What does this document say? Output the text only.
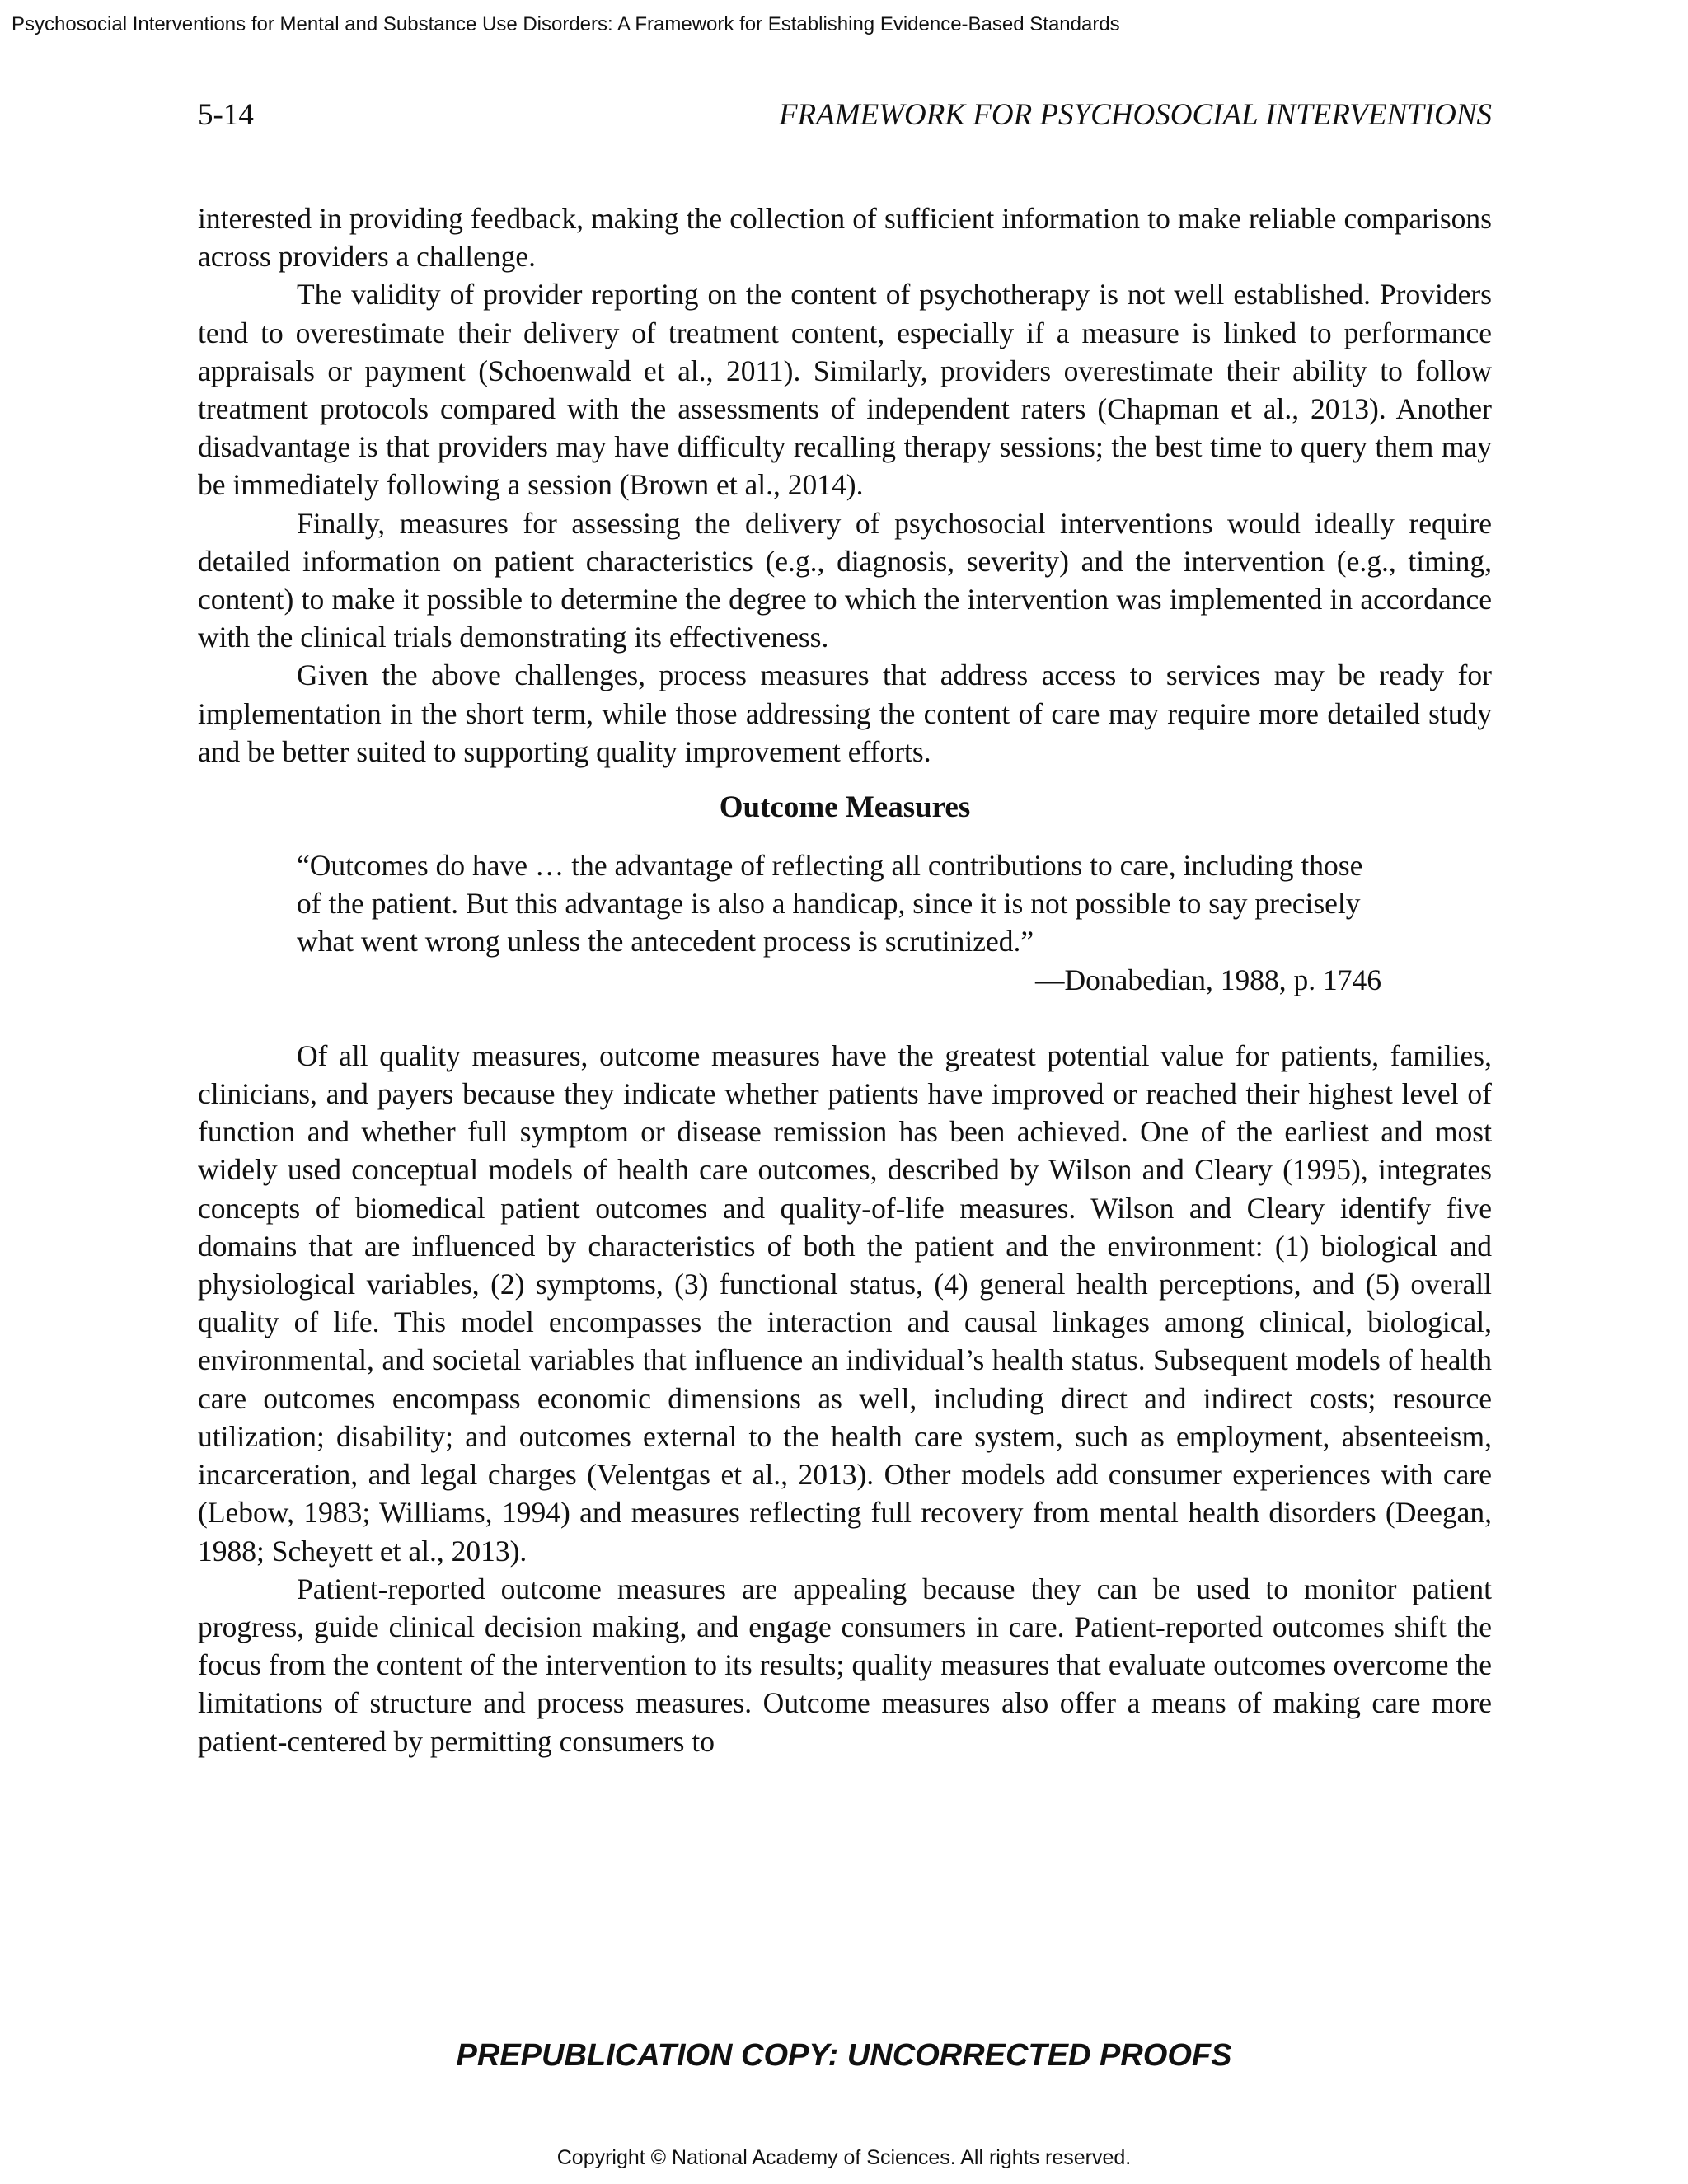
Psychosocial Interventions for Mental and Substance Use Disorders: A Framework for Establishing Evidence-Based Standards
5-14	FRAMEWORK FOR PSYCHOSOCIAL INTERVENTIONS

interested in providing feedback, making the collection of sufficient information to make reliable comparisons across providers a challenge.

The validity of provider reporting on the content of psychotherapy is not well established. Providers tend to overestimate their delivery of treatment content, especially if a measure is linked to performance appraisals or payment (Schoenwald et al., 2011). Similarly, providers overestimate their ability to follow treatment protocols compared with the assessments of independent raters (Chapman et al., 2013). Another disadvantage is that providers may have difficulty recalling therapy sessions; the best time to query them may be immediately following a session (Brown et al., 2014).

Finally, measures for assessing the delivery of psychosocial interventions would ideally require detailed information on patient characteristics (e.g., diagnosis, severity) and the intervention (e.g., timing, content) to make it possible to determine the degree to which the intervention was implemented in accordance with the clinical trials demonstrating its effectiveness.

Given the above challenges, process measures that address access to services may be ready for implementation in the short term, while those addressing the content of care may require more detailed study and be better suited to supporting quality improvement efforts.

Outcome Measures

“Outcomes do have … the advantage of reflecting all contributions to care, including those of the patient. But this advantage is also a handicap, since it is not possible to say precisely what went wrong unless the antecedent process is scrutinized.”

—Donabedian, 1988, p. 1746

Of all quality measures, outcome measures have the greatest potential value for patients, families, clinicians, and payers because they indicate whether patients have improved or reached their highest level of function and whether full symptom or disease remission has been achieved. One of the earliest and most widely used conceptual models of health care outcomes, described by Wilson and Cleary (1995), integrates concepts of biomedical patient outcomes and quality-of-life measures. Wilson and Cleary identify five domains that are influenced by characteristics of both the patient and the environment: (1) biological and physiological variables, (2) symptoms, (3) functional status, (4) general health perceptions, and (5) overall quality of life. This model encompasses the interaction and causal linkages among clinical, biological, environmental, and societal variables that influence an individual’s health status. Subsequent models of health care outcomes encompass economic dimensions as well, including direct and indirect costs; resource utilization; disability; and outcomes external to the health care system, such as employment, absenteeism, incarceration, and legal charges (Velentgas et al., 2013). Other models add consumer experiences with care (Lebow, 1983; Williams, 1994) and measures reflecting full recovery from mental health disorders (Deegan, 1988; Scheyett et al., 2013).

Patient-reported outcome measures are appealing because they can be used to monitor patient progress, guide clinical decision making, and engage consumers in care. Patient-reported outcomes shift the focus from the content of the intervention to its results; quality measures that evaluate outcomes overcome the limitations of structure and process measures. Outcome measures also offer a means of making care more patient-centered by permitting consumers to

PREPUBLICATION COPY: UNCORRECTED PROOFS
Copyright © National Academy of Sciences. All rights reserved.
